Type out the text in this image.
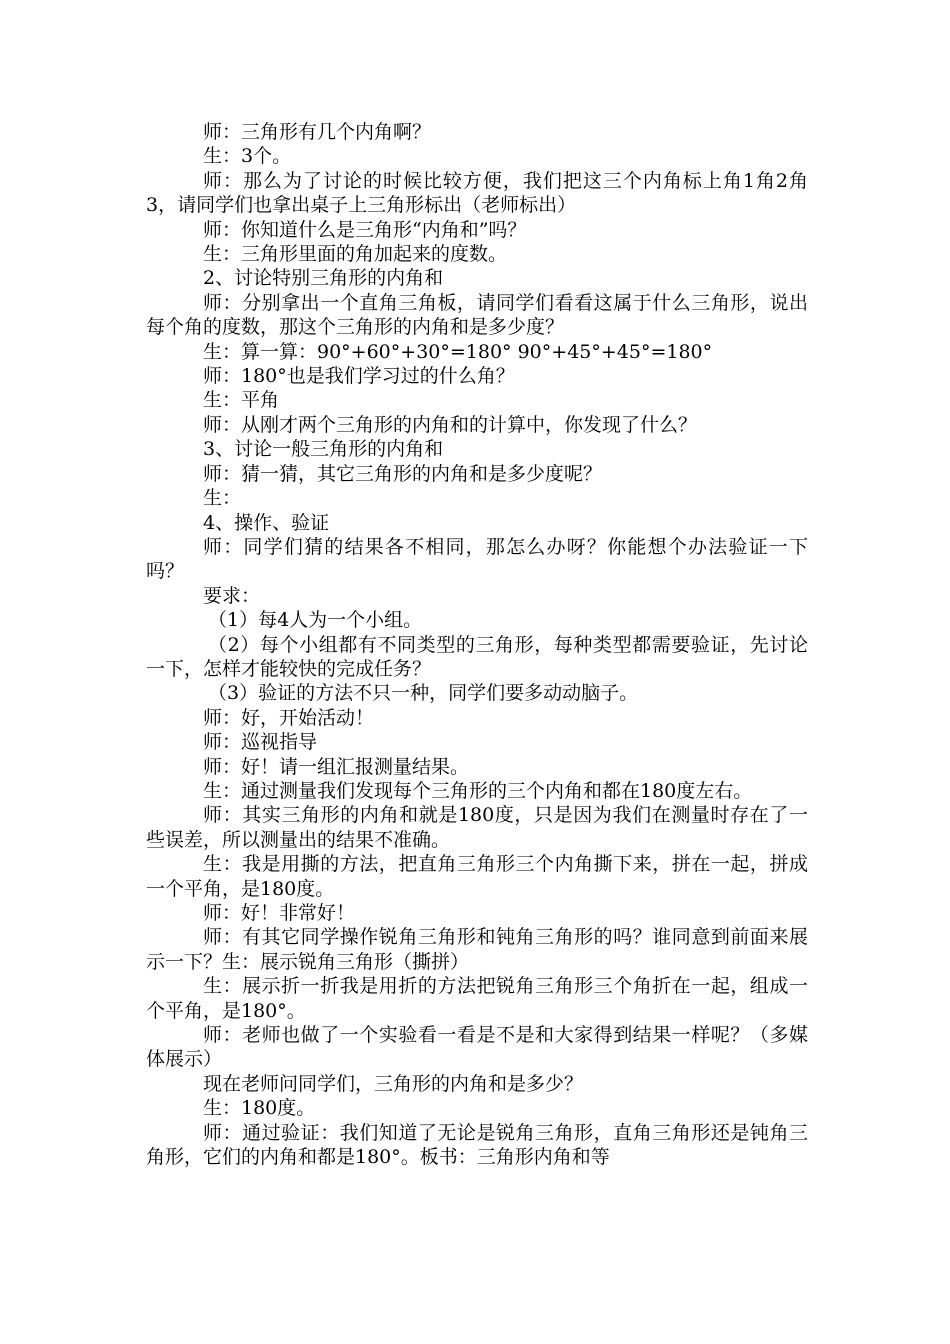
师：三角形有几个内角啊？

生：3个。

师：那么为了讨论的时候比较方便，我们把这三个内角标上角1角2角3，请同学们也拿出桌子上三角形标出（老师标出）

师：你知道什么是三角形“内角和”吗？

生：三角形里面的角加起来的度数。

2、讨论特别三角形的内角和

师：分别拿出一个直角三角板，请同学们看看这属于什么三角形，说出每个角的度数，那这个三角形的内角和是多少度？

生：算一算：90°+60°+30°=180° 90°+45°+45°=180°

师：180°也是我们学习过的什么角？

生：平角

师：从刚才两个三角形的内角和的计算中，你发现了什么？

3、讨论一般三角形的内角和

师：猜一猜，其它三角形的内角和是多少度呢？

生：

4、操作、验证

师：同学们猜的结果各不相同，那怎么办呀？你能想个办法验证一下吗？

要求：

（1）每4人为一个小组。

（2）每个小组都有不同类型的三角形，每种类型都需要验证，先讨论一下，怎样才能较快的完成任务？

（3）验证的方法不只一种，同学们要多动动脑子。

师：好，开始活动！

师：巡视指导

师：好！请一组汇报测量结果。

生：通过测量我们发现每个三角形的三个内角和都在180度左右。

师：其实三角形的内角和就是180度，只是因为我们在测量时存在了一些误差，所以测量出的结果不准确。

生：我是用撕的方法，把直角三角形三个内角撕下来，拼在一起，拼成一个平角，是180度。

师：好！非常好！

师：有其它同学操作锐角三角形和钝角三角形的吗？谁同意到前面来展示一下？生：展示锐角三角形（撕拼）

生：展示折一折我是用折的方法把锐角三角形三个角折在一起，组成一个平角，是180°。

师：老师也做了一个实验看一看是不是和大家得到结果一样呢？（多媒体展示）

现在老师问同学们，三角形的内角和是多少？

生：180度。

师：通过验证：我们知道了无论是锐角三角形，直角三角形还是钝角三角形，它们的内角和都是180°。板书：三角形内角和等
